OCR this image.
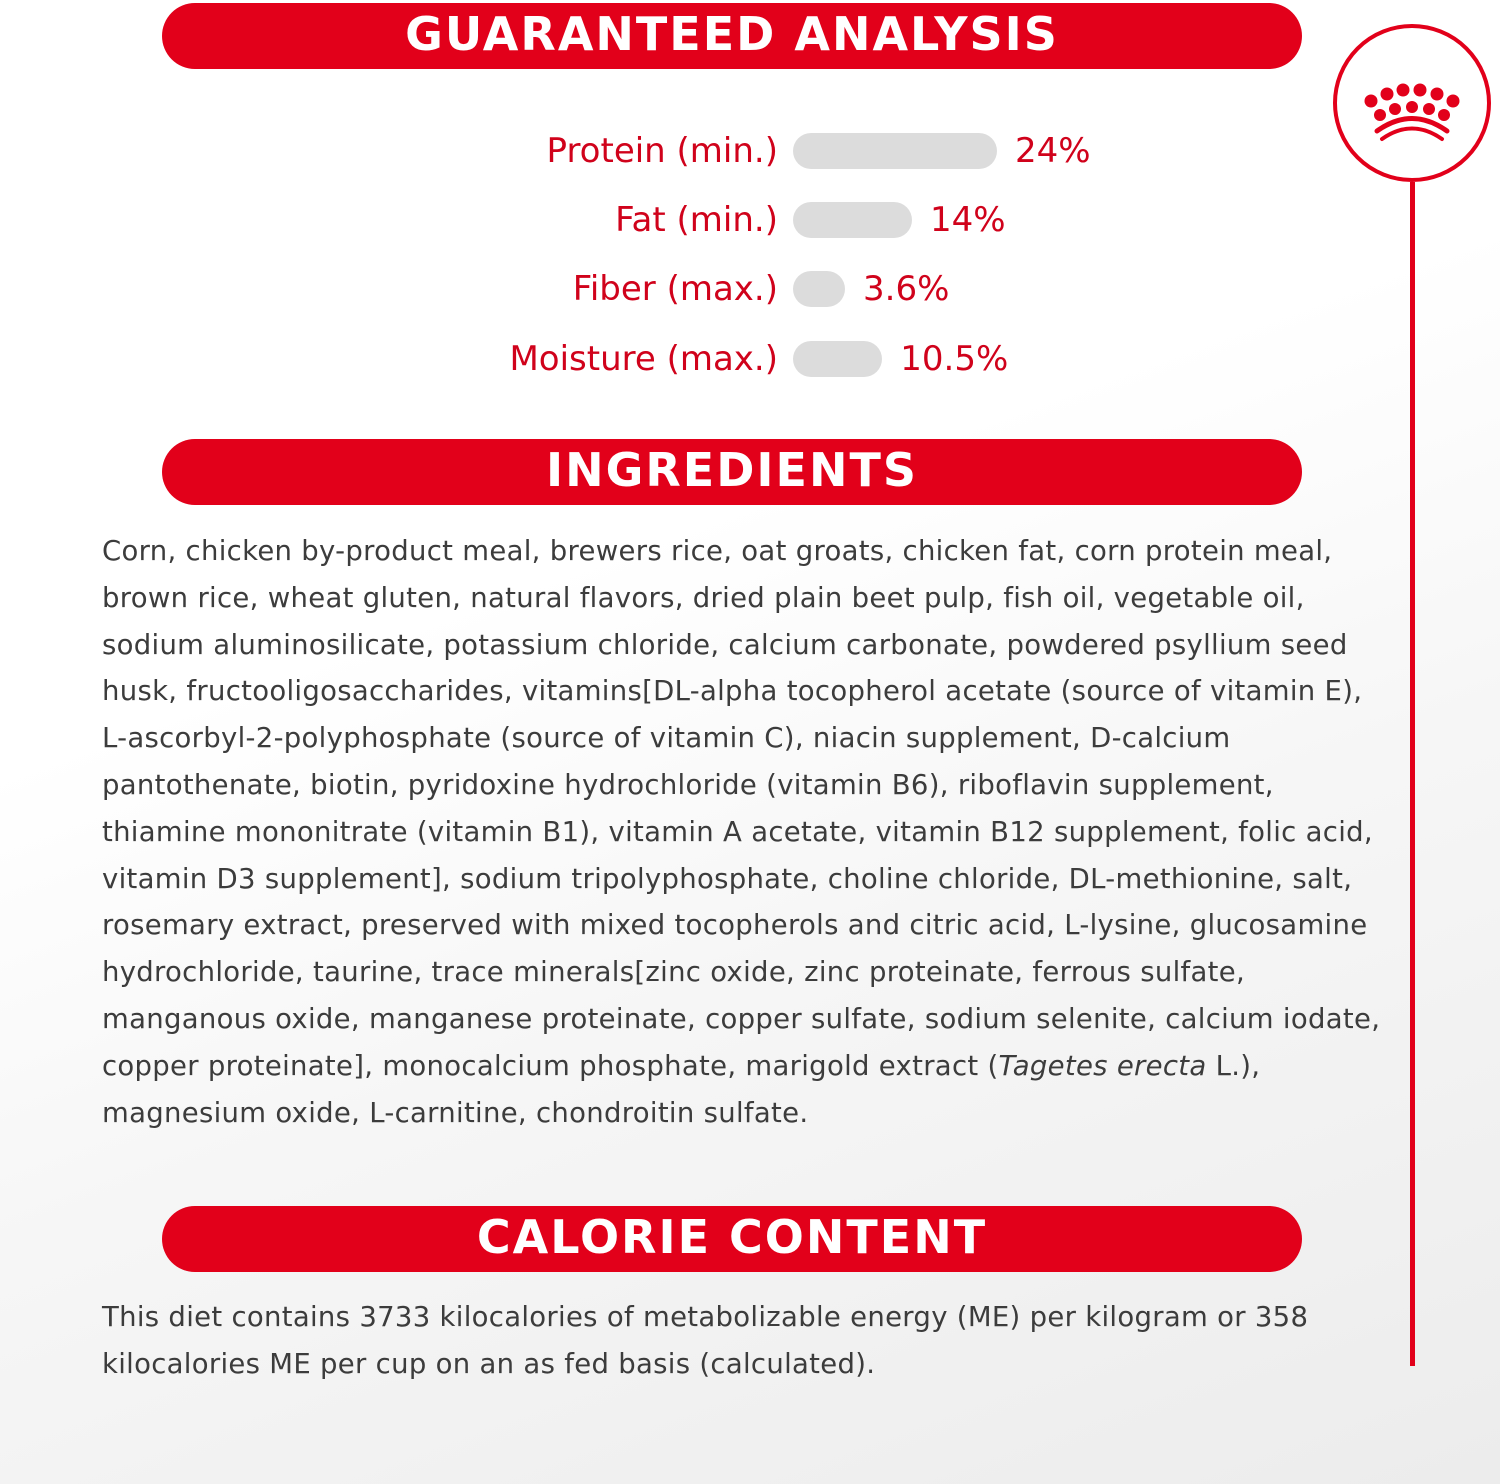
GUARANTEED ANALYSIS
Protein (min.)	24%
Fat (min.)	14%
Fiber (max.)	3.6%
Moisture (max.)	10.5%
INGREDIENTS
Corn, chicken by-product meal, brewers rice, oat groats, chicken fat, corn protein meal, brown rice, wheat gluten, natural flavors, dried plain beet pulp, fish oil, vegetable oil, sodium aluminosilicate, potassium chloride, calcium carbonate, powdered psyllium seed husk, fructooligosaccharides, vitamins[DL-alpha tocopherol acetate (source of vitamin E), L-ascorbyl-2-polyphosphate (source of vitamin C), niacin supplement, D-calcium pantothenate, biotin, pyridoxine hydrochloride (vitamin B6), riboflavin supplement, thiamine mononitrate (vitamin B1), vitamin A acetate, vitamin B12 supplement, folic acid, vitamin D3 supplement], sodium tripolyphosphate, choline chloride, DL-methionine, salt, rosemary extract, preserved with mixed tocopherols and citric acid, L-lysine, glucosamine hydrochloride, taurine, trace minerals[zinc oxide, zinc proteinate, ferrous sulfate, manganous oxide, manganese proteinate, copper sulfate, sodium selenite, calcium iodate, copper proteinate], monocalcium phosphate, marigold extract (Tagetes erecta L.), magnesium oxide, L-carnitine, chondroitin sulfate.
CALORIE CONTENT
This diet contains 3733 kilocalories of metabolizable energy (ME) per kilogram or 358 kilocalories ME per cup on an as fed basis (calculated).
